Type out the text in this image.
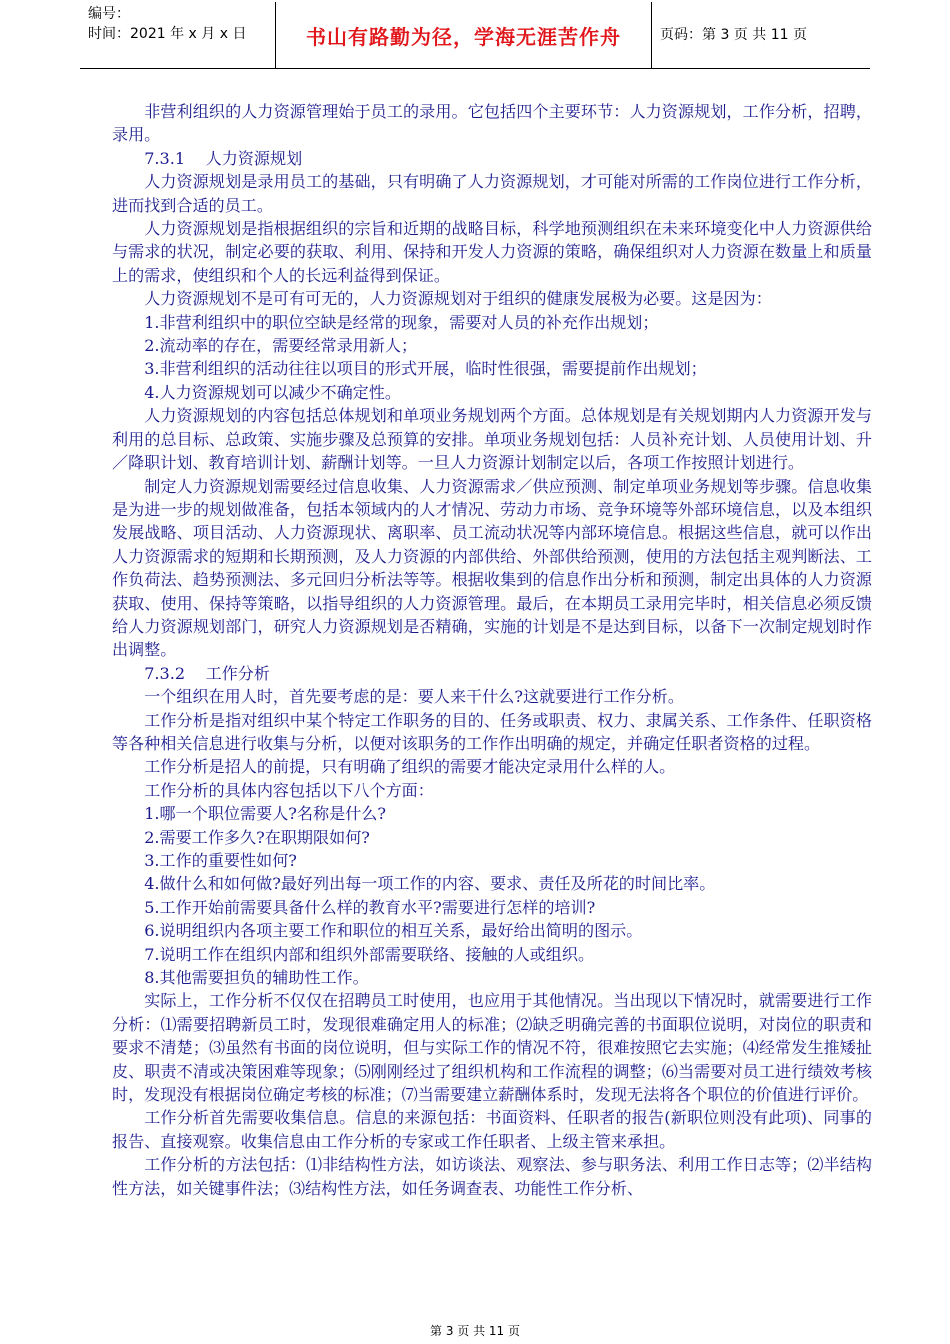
编号：
时间：2021 年 x 月 x 日	书山有路勤为径，学海无涯苦作舟	页码：第 3 页 共 11 页

非营利组织的人力资源管理始于员工的录用。它包括四个主要环节：人力资源规划，工作分析，招聘，录用。

7.3.1    人力资源规划

人力资源规划是录用员工的基础，只有明确了人力资源规划，才可能对所需的工作岗位进行工作分析，进而找到合适的员工。

人力资源规划是指根据组织的宗旨和近期的战略目标，科学地预测组织在未来环境变化中人力资源供给与需求的状况，制定必要的获取、利用、保持和开发人力资源的策略，确保组织对人力资源在数量上和质量上的需求，使组织和个人的长远利益得到保证。

人力资源规划不是可有可无的，人力资源规划对于组织的健康发展极为必要。这是因为：

1.非营利组织中的职位空缺是经常的现象，需要对人员的补充作出规划；

2.流动率的存在，需要经常录用新人；

3.非营利组织的活动往往以项目的形式开展，临时性很强，需要提前作出规划；

4.人力资源规划可以减少不确定性。

人力资源规划的内容包括总体规划和单项业务规划两个方面。总体规划是有关规划期内人力资源开发与利用的总目标、总政策、实施步骤及总预算的安排。单项业务规划包括：人员补充计划、人员使用计划、升／降职计划、教育培训计划、薪酬计划等。一旦人力资源计划制定以后，各项工作按照计划进行。

制定人力资源规划需要经过信息收集、人力资源需求／供应预测、制定单项业务规划等步骤。信息收集是为进一步的规划做准备，包括本领域内的人才情况、劳动力市场、竞争环境等外部环境信息，以及本组织发展战略、项目活动、人力资源现状、离职率、员工流动状况等内部环境信息。根据这些信息，就可以作出人力资源需求的短期和长期预测，及人力资源的内部供给、外部供给预测，使用的方法包括主观判断法、工作负荷法、趋势预测法、多元回归分析法等等。根据收集到的信息作出分析和预测，制定出具体的人力资源获取、使用、保持等策略，以指导组织的人力资源管理。最后，在本期员工录用完毕时，相关信息必须反馈给人力资源规划部门，研究人力资源规划是否精确，实施的计划是不是达到目标，以备下一次制定规划时作出调整。

7.3.2    工作分析

一个组织在用人时，首先要考虑的是：要人来干什么?这就要进行工作分析。

工作分析是指对组织中某个特定工作职务的目的、任务或职责、权力、隶属关系、工作条件、任职资格等各种相关信息进行收集与分析，以便对该职务的工作作出明确的规定，并确定任职者资格的过程。

工作分析是招人的前提，只有明确了组织的需要才能决定录用什么样的人。

工作分析的具体内容包括以下八个方面：

1.哪一个职位需要人?名称是什么?

2.需要工作多久?在职期限如何?

3.工作的重要性如何?

4.做什么和如何做?最好列出每一项工作的内容、要求、责任及所花的时间比率。

5.工作开始前需要具备什么样的教育水平?需要进行怎样的培训?

6.说明组织内各项主要工作和职位的相互关系，最好给出简明的图示。

7.说明工作在组织内部和组织外部需要联络、接触的人或组织。

8.其他需要担负的辅助性工作。

实际上，工作分析不仅仅在招聘员工时使用，也应用于其他情况。当出现以下情况时，就需要进行工作分析：⑴需要招聘新员工时，发现很难确定用人的标准；⑵缺乏明确完善的书面职位说明，对岗位的职责和要求不清楚；⑶虽然有书面的岗位说明，但与实际工作的情况不符，很难按照它去实施；⑷经常发生推矮扯皮、职责不清或决策困难等现象；⑸刚刚经过了组织机构和工作流程的调整；⑹当需要对员工进行绩效考核时，发现没有根据岗位确定考核的标准；⑺当需要建立薪酬体系时，发现无法将各个职位的价值进行评价。

工作分析首先需要收集信息。信息的来源包括：书面资料、任职者的报告(新职位则没有此项)、同事的报告、直接观察。收集信息由工作分析的专家或工作任职者、上级主管来承担。

工作分析的方法包括：⑴非结构性方法，如访谈法、观察法、参与职务法、利用工作日志等；⑵半结构性方法，如关键事件法；⑶结构性方法，如任务调查表、功能性工作分析、

第 3 页 共 11 页
